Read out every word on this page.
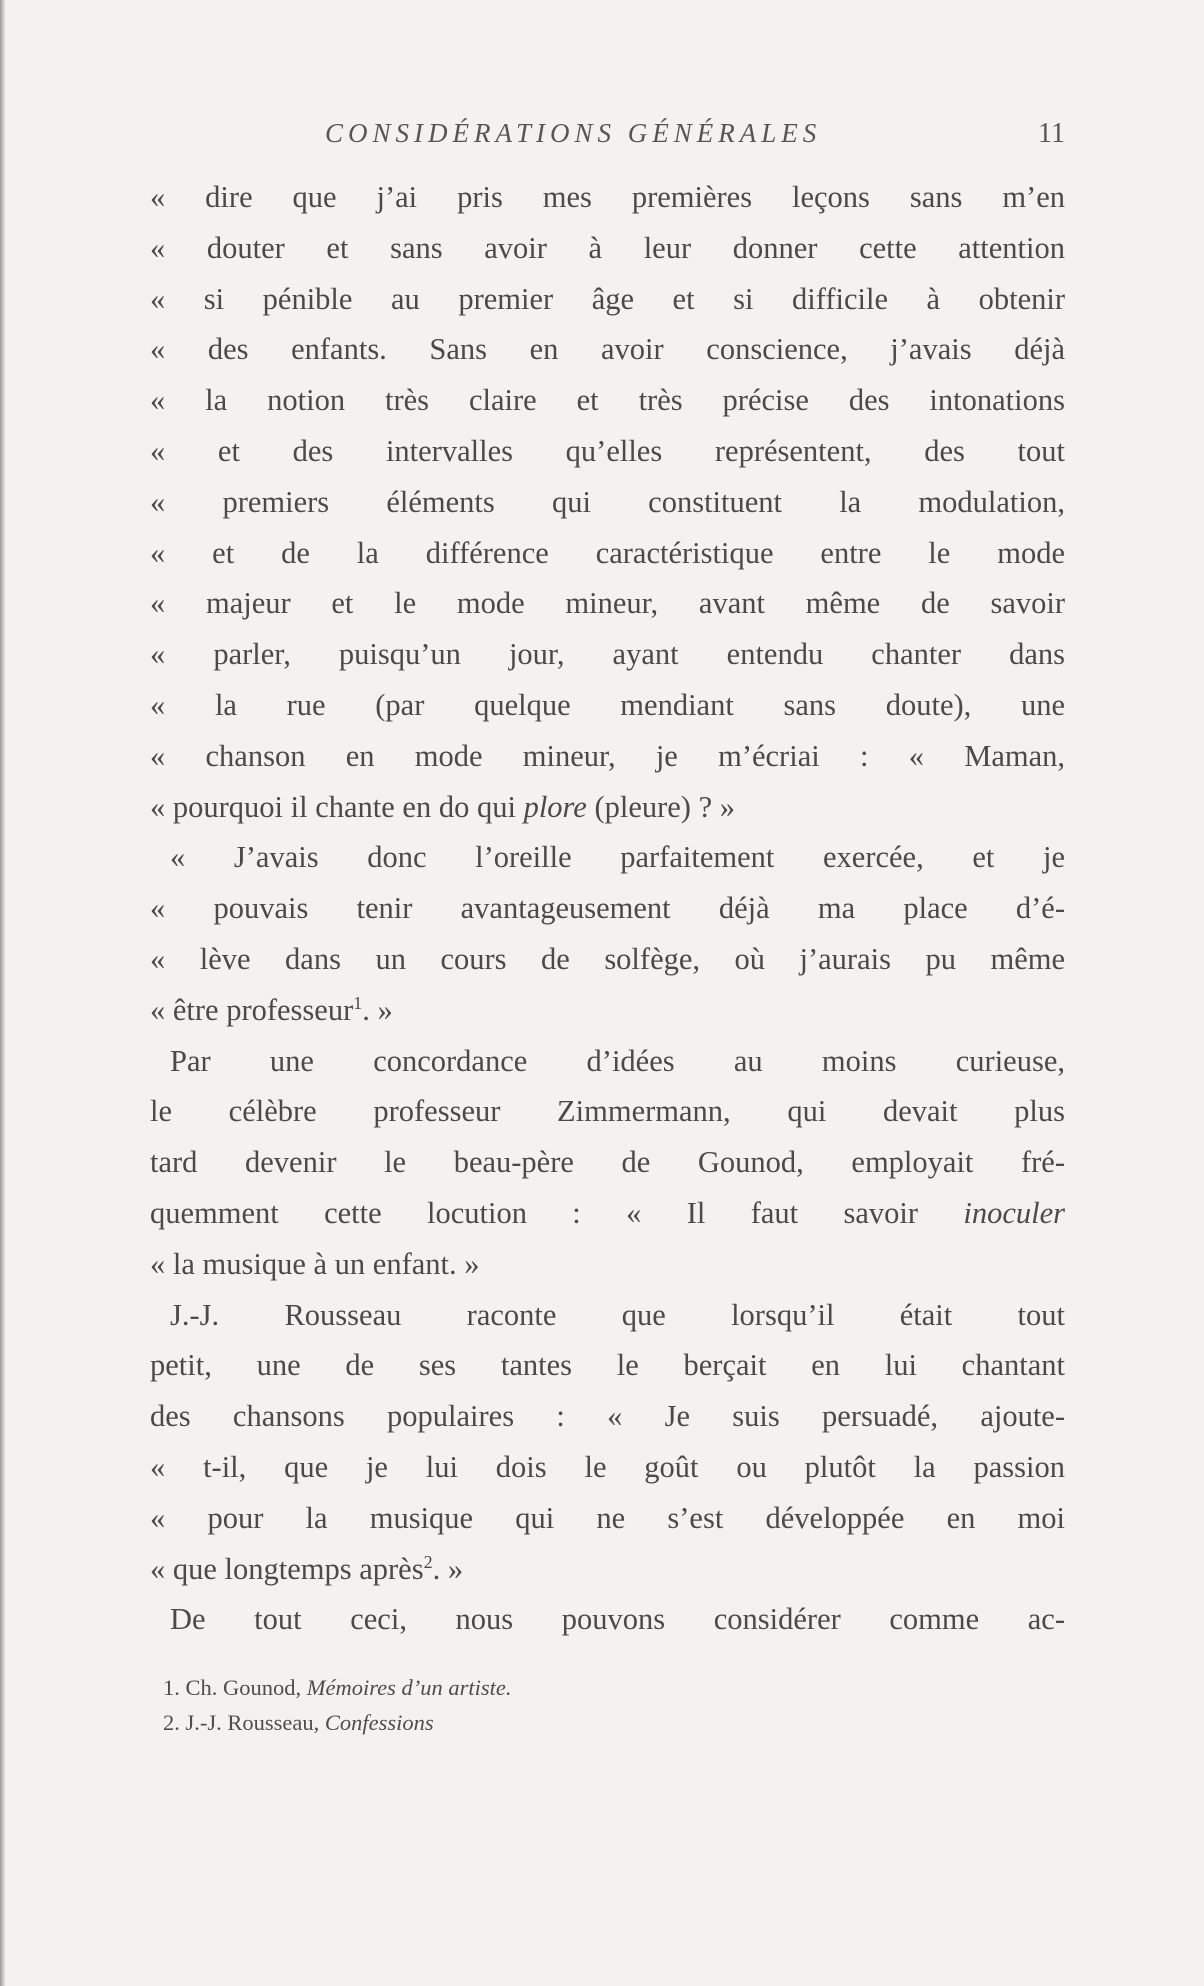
CONSIDÉRATIONS GÉNÉRALES	11
« dire que j’ai pris mes premières leçons sans m’en
« douter et sans avoir à leur donner cette attention
« si pénible au premier âge et si difficile à obtenir
« des enfants. Sans en avoir conscience, j’avais déjà
« la notion très claire et très précise des intonations
« et des intervalles qu’elles représentent, des tout
« premiers éléments qui constituent la modulation,
« et de la différence caractéristique entre le mode
« majeur et le mode mineur, avant même de savoir
« parler, puisqu’un jour, ayant entendu chanter dans
« la rue (par quelque mendiant sans doute), une
« chanson en mode mineur, je m’écriai : « Maman,
« pourquoi il chante en do qui plore (pleure) ? »
« J’avais donc l’oreille parfaitement exercée, et je
« pouvais tenir avantageusement déjà ma place d’é-
« lève dans un cours de solfège, où j’aurais pu même
« être professeur$^1$. »
Par une concordance d’idées au moins curieuse,
le célèbre professeur Zimmermann, qui devait plus
tard devenir le beau-père de Gounod, employait fré-
quemment cette locution : « Il faut savoir inoculer
« la musique à un enfant. »
J.-J. Rousseau raconte que lorsqu’il était tout
petit, une de ses tantes le berçait en lui chantant
des chansons populaires : « Je suis persuadé, ajoute-
« t-il, que je lui dois le goût ou plutôt la passion
« pour la musique qui ne s’est développée en moi
« que longtemps après$^2$. »
De tout ceci, nous pouvons considérer comme ac-
1. Ch. Gounod, Mémoires d’un artiste.
2. J.-J. Rousseau, Confessions
